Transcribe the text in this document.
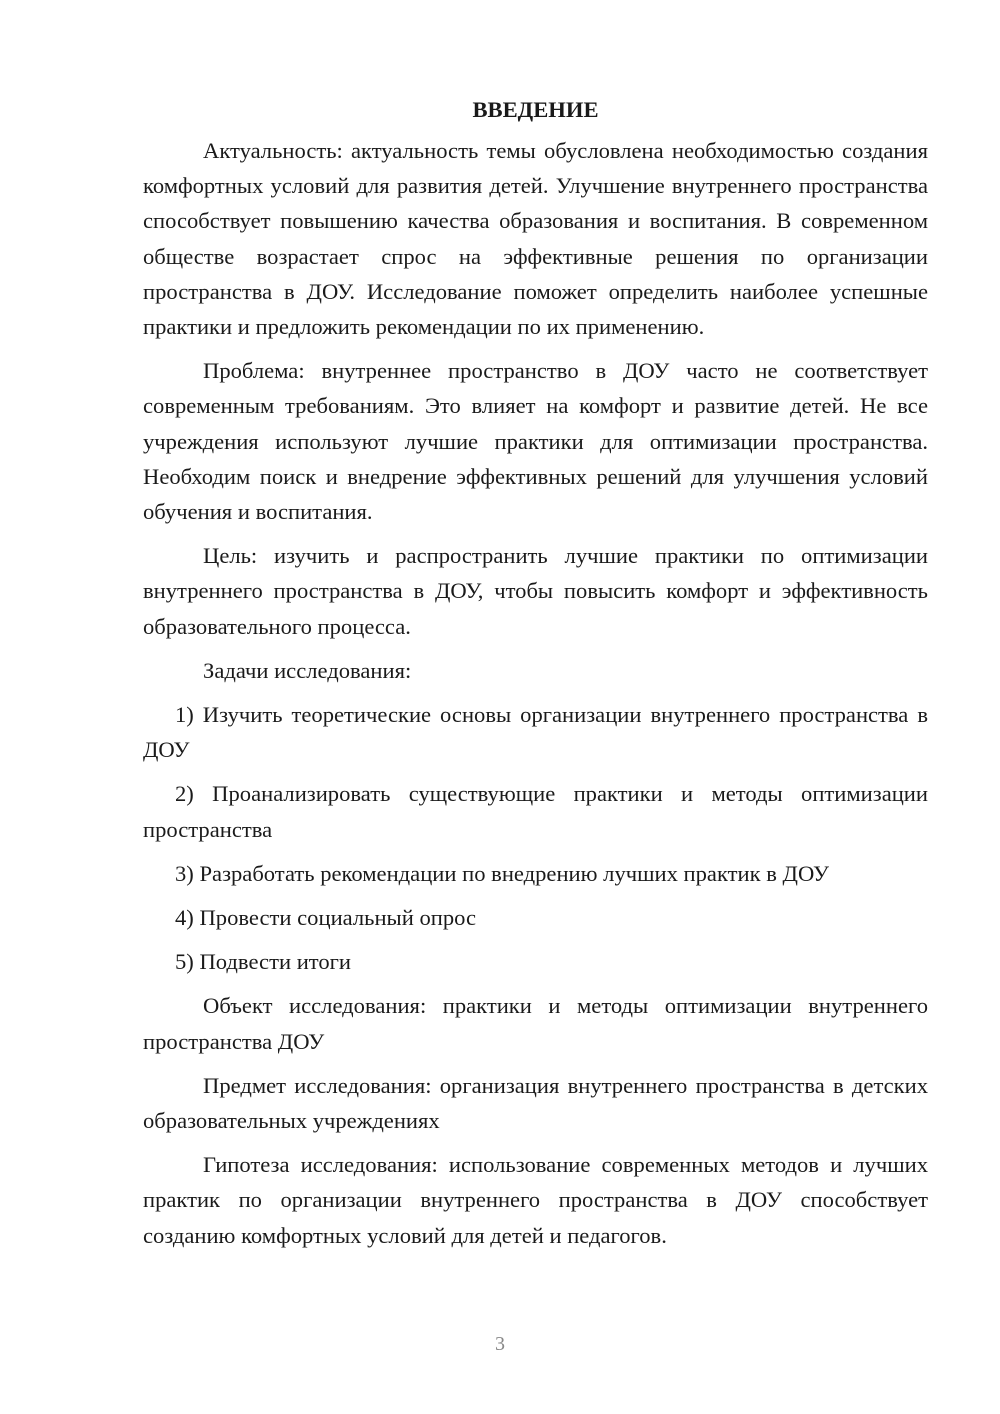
ВВЕДЕНИЕ

Актуальность: актуальность темы обусловлена необходимостью создания комфортных условий для развития детей. Улучшение внутреннего пространства способствует повышению качества образования и воспитания. В современном обществе возрастает спрос на эффективные решения по организации пространства в ДОУ. Исследование поможет определить наиболее успешные практики и предложить рекомендации по их применению.

Проблема: внутреннее пространство в ДОУ часто не соответствует современным требованиям. Это влияет на комфорт и развитие детей. Не все учреждения используют лучшие практики для оптимизации пространства. Необходим поиск и внедрение эффективных решений для улучшения условий обучения и воспитания.

Цель: изучить и распространить лучшие практики по оптимизации внутреннего пространства в ДОУ, чтобы повысить комфорт и эффективность образовательного процесса.

Задачи исследования:

1) Изучить теоретические основы организации внутреннего пространства в ДОУ

2) Проанализировать существующие практики и методы оптимизации пространства

3) Разработать рекомендации по внедрению лучших практик в ДОУ

4) Провести социальный опрос

5) Подвести итоги

Объект исследования: практики и методы оптимизации внутреннего пространства ДОУ

Предмет исследования: организация внутреннего пространства в детских образовательных учреждениях

Гипотеза исследования: использование современных методов и лучших практик по организации внутреннего пространства в ДОУ способствует созданию комфортных условий для детей и педагогов.

3
